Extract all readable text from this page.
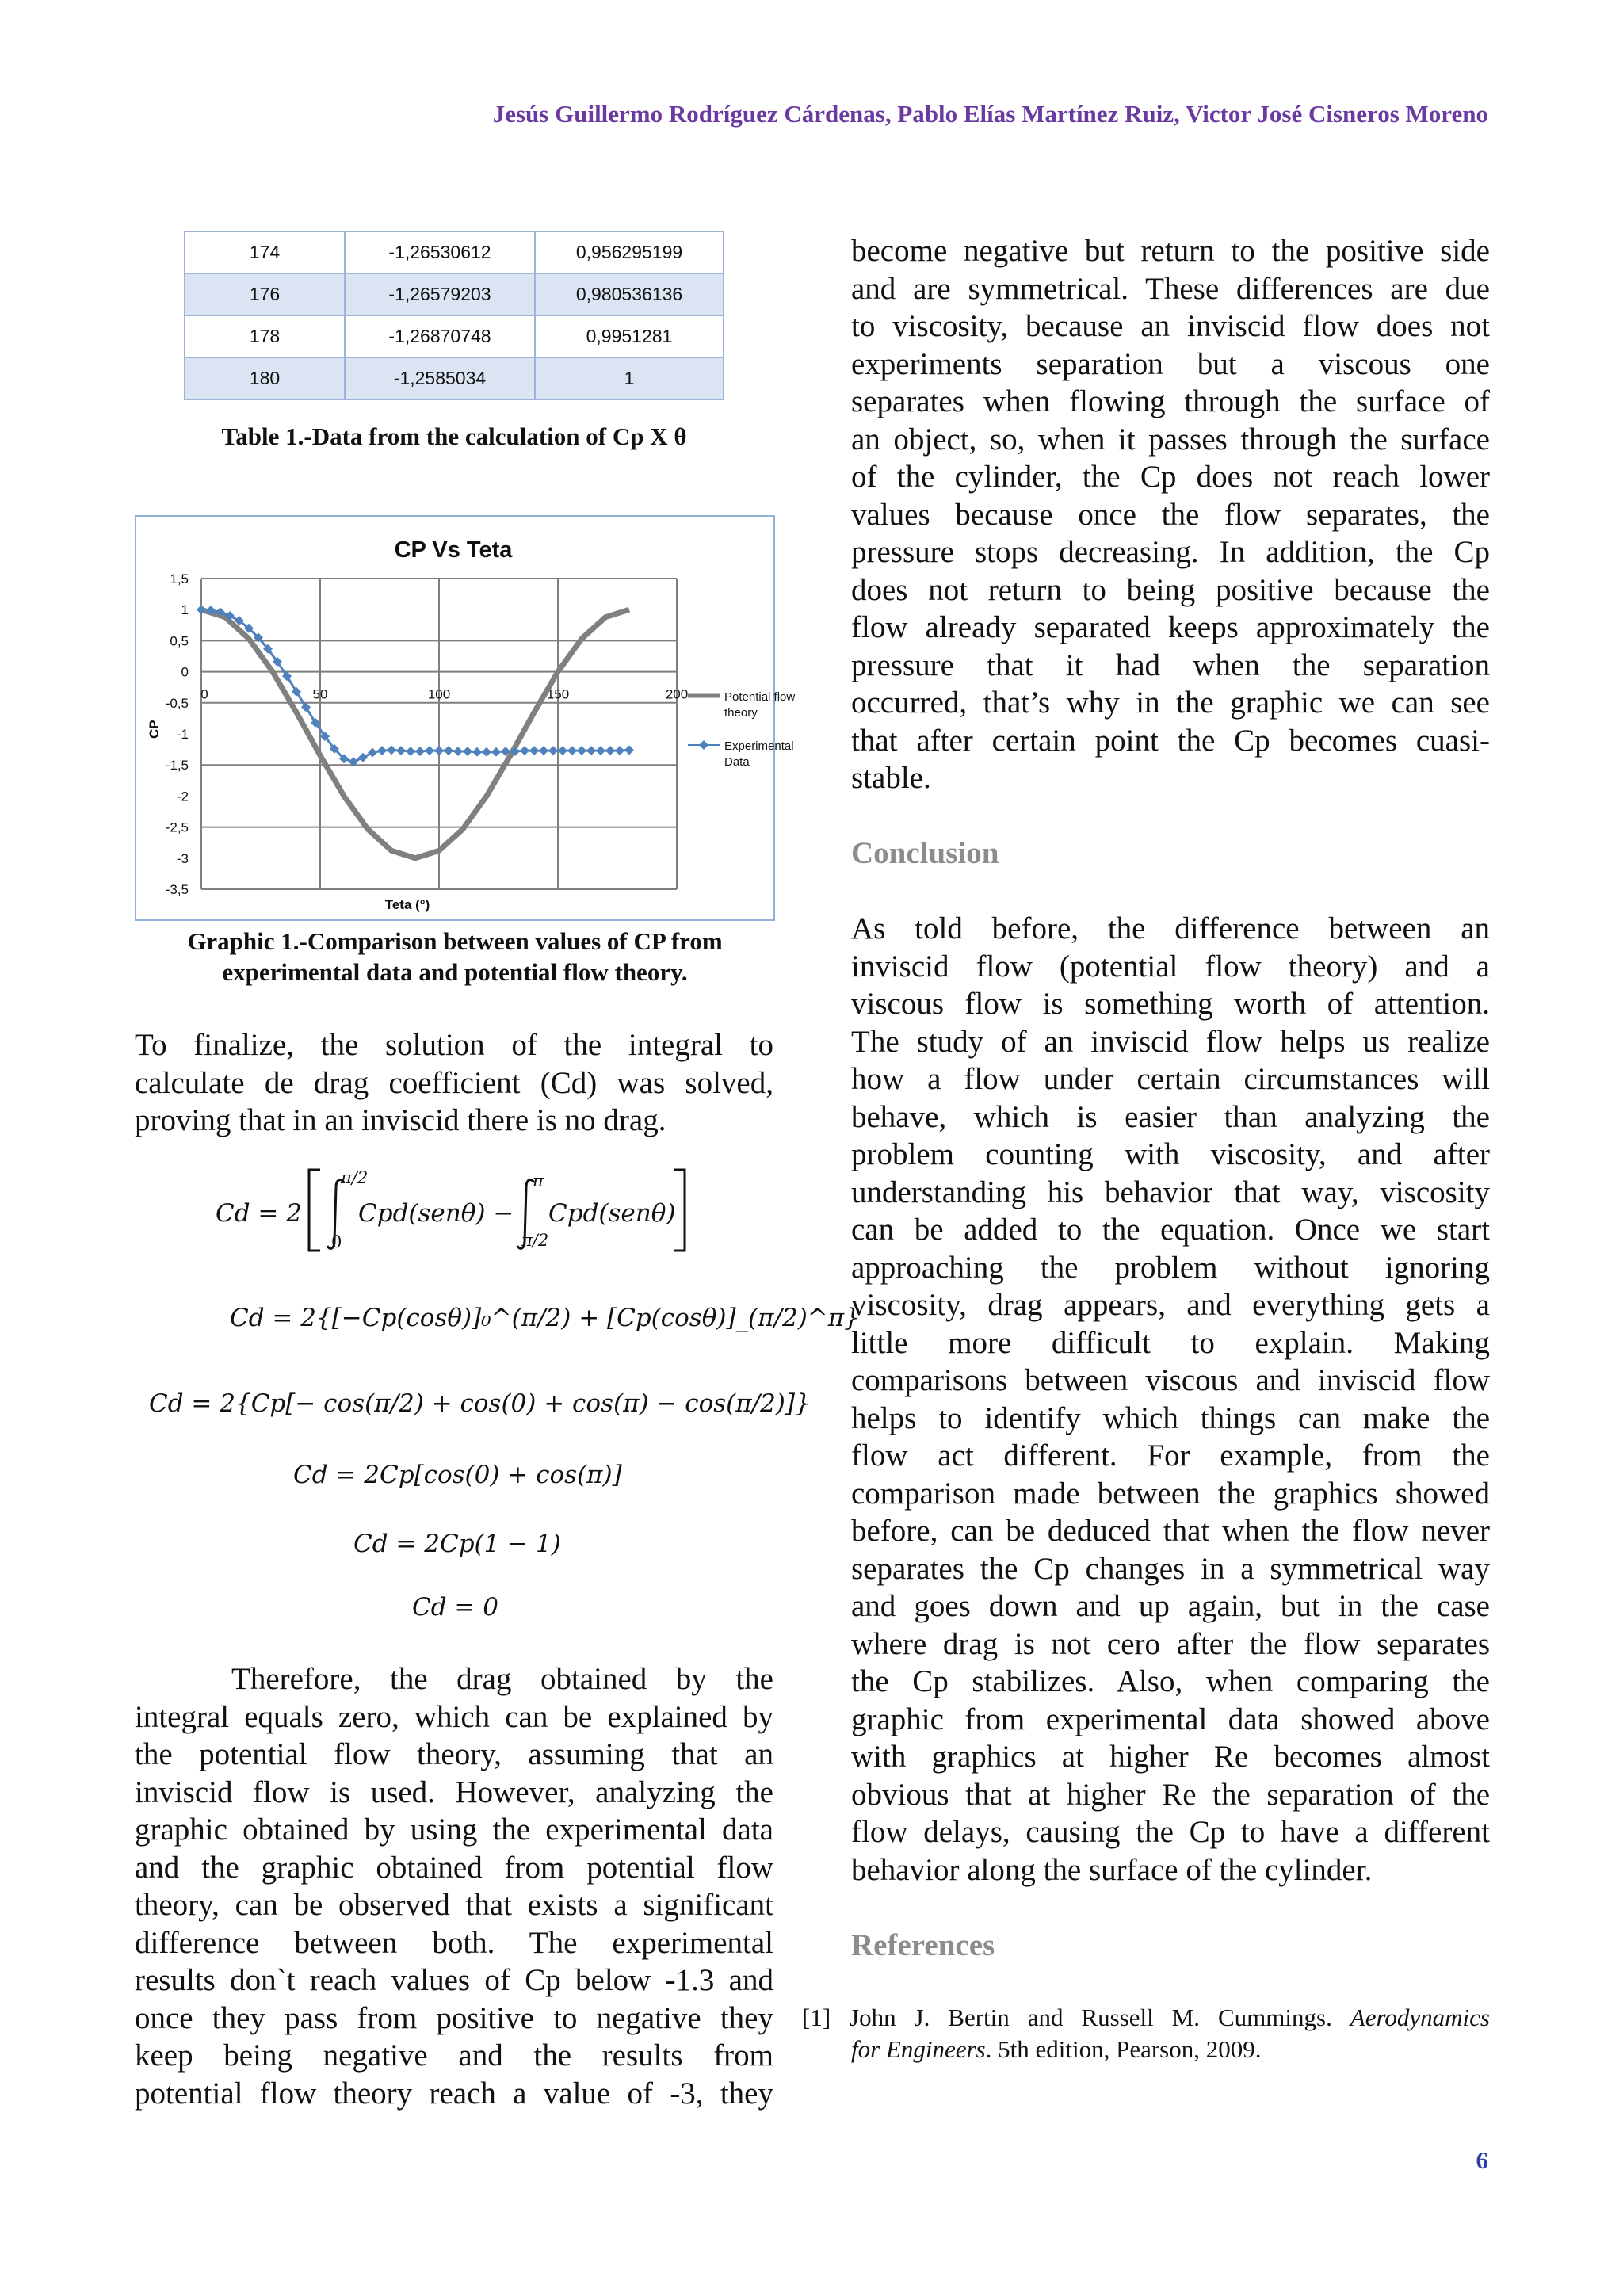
Jesús Guillermo Rodríguez Cárdenas, Pablo Elías Martínez Ruiz, Victor José Cisneros Moreno
174	-1,26530612	0,956295199
176	-1,26579203	0,980536136
178	-1,26870748	0,9951281
180	-1,2585034	1
Table 1.-Data from the calculation of Cp X θ
CP Vs Teta
1,5
1
0,5
0
-0,5
-1
-1,5
-2
-2,5
-3
-3,5
0	50	100	150	200	Potential flow
theory
Experimental
Data
CP
Teta (°)
Graphic 1.-Comparison between values of CP from
experimental data and potential flow theory.
To finalize, the solution of the integral to
calculate de drag coefficient (Cd) was solved,
proving that in an inviscid there is no drag.
Cd = 2
π/2
0
Cpd(senθ) −
π
π/2
Cpd(senθ)
Cd = 2{[−Cp(cosθ)]₀^(π/2) + [Cp(cosθ)]_(π/2)^π}
Cd = 2{Cp[− cos(π/2) + cos(0) + cos(π) − cos(π/2)]}
Cd = 2Cp[cos(0) + cos(π)]
Cd = 2Cp(1 − 1)
Cd = 0
Therefore, the drag obtained by the
integral equals zero, which can be explained by
the potential flow theory, assuming that an
inviscid flow is used. However, analyzing the
graphic obtained by using the experimental data
and the graphic obtained from potential flow
theory, can be observed that exists a significant
difference between both. The experimental
results don`t reach values of Cp below -1.3 and
once they pass from positive to negative they
keep being negative and the results from
potential flow theory reach a value of -3, they
become negative but return to the positive side
and are symmetrical. These differences are due
to viscosity, because an inviscid flow does not
experiments separation but a viscous one
separates when flowing through the surface of
an object, so, when it passes through the surface
of the cylinder, the Cp does not reach lower
values because once the flow separates, the
pressure stops decreasing. In addition, the Cp
does not return to being positive because the
flow already separated keeps approximately the
pressure that it had when the separation
occurred, that’s why in the graphic we can see
that after certain point the Cp becomes cuasi-
stable.
Conclusion
As told before, the difference between an
inviscid flow (potential flow theory) and a
viscous flow is something worth of attention.
The study of an inviscid flow helps us realize
how a flow under certain circumstances will
behave, which is easier than analyzing the
problem counting with viscosity, and after
understanding his behavior that way, viscosity
can be added to the equation. Once we start
approaching the problem without ignoring
viscosity, drag appears, and everything gets a
little more difficult to explain. Making
comparisons between viscous and inviscid flow
helps to identify which things can make the
flow act different. For example, from the
comparison made between the graphics showed
before, can be deduced that when the flow never
separates the Cp changes in a symmetrical way
and goes down and up again, but in the case
where drag is not cero after the flow separates
the Cp stabilizes. Also, when comparing the
graphic from experimental data showed above
with graphics at higher Re becomes almost
obvious that at higher Re the separation of the
flow delays, causing the Cp to have a different
behavior along the surface of the cylinder.
References
[1] John J. Bertin and Russell M. Cummings. Aerodynamics
for Engineers. 5th edition, Pearson, 2009.
6
